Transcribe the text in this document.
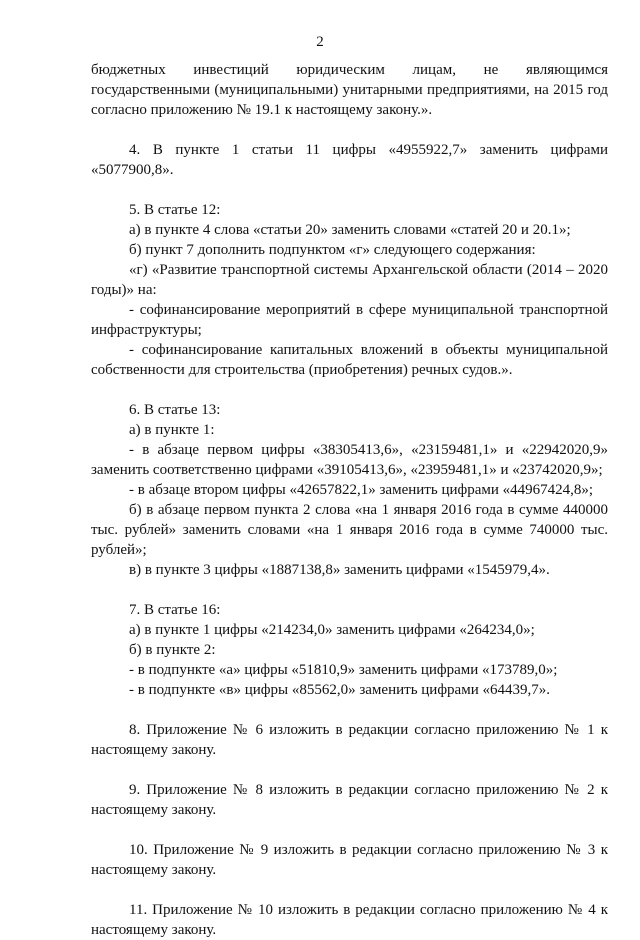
2

бюджетных инвестиций юридическим лицам, не являющимся

государственными (муниципальными) унитарными предприятиями, на 2015 год согласно приложению № 19.1 к настоящему закону.».

4. В пункте 1 статьи 11 цифры «4955922,7» заменить цифрами «5077900,8».

5. В статье 12:

а) в пункте 4 слова «статьи 20» заменить словами «статей 20 и 20.1»;

б) пункт 7 дополнить подпунктом «г» следующего содержания:

«г) «Развитие транспортной системы Архангельской области (2014 – 2020 годы)» на:

- софинансирование мероприятий в сфере муниципальной транспортной инфраструктуры;

- софинансирование капитальных вложений в объекты муниципальной собственности для строительства (приобретения) речных судов.».

6. В статье 13:

а) в пункте 1:

- в абзаце первом цифры «38305413,6», «23159481,1» и «22942020,9» заменить соответственно цифрами «39105413,6», «23959481,1» и «23742020,9»;

- в абзаце втором цифры «42657822,1» заменить цифрами «44967424,8»;

б) в абзаце первом пункта 2 слова «на 1 января 2016 года в сумме 440000 тыс. рублей» заменить словами «на 1 января 2016 года в сумме 740000 тыс. рублей»;

в) в пункте 3 цифры «1887138,8» заменить цифрами «1545979,4».

7. В статье 16:

а) в пункте 1 цифры «214234,0» заменить цифрами «264234,0»;

б) в пункте 2:

- в подпункте «а» цифры «51810,9» заменить цифрами «173789,0»;

- в подпункте «в» цифры «85562,0» заменить цифрами «64439,7».

8. Приложение № 6 изложить в редакции согласно приложению № 1 к настоящему закону.

9. Приложение № 8 изложить в редакции согласно приложению № 2 к настоящему закону.

10. Приложение № 9 изложить в редакции согласно приложению № 3 к настоящему закону.

11. Приложение № 10 изложить в редакции согласно приложению № 4 к настоящему закону.
